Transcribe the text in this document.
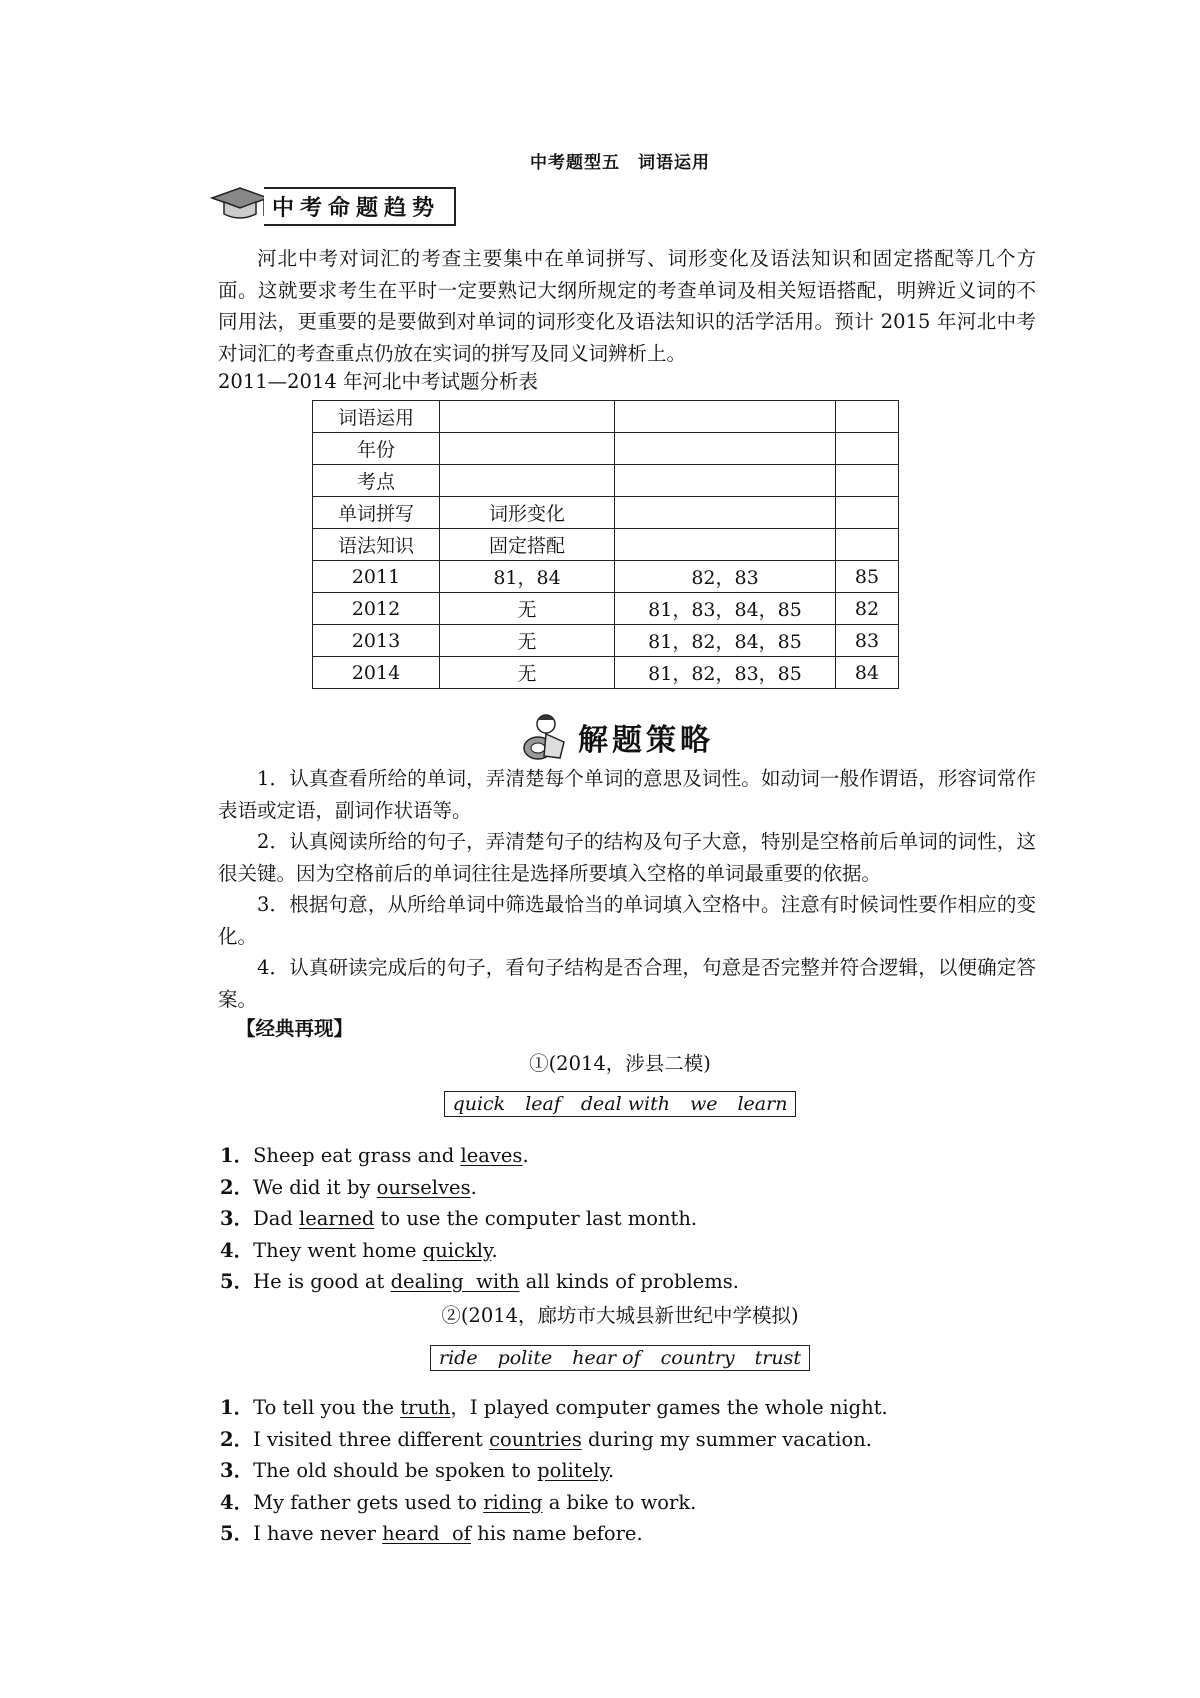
中考题型五　词语运用
中考命题趋势
河北中考对词汇的考查主要集中在单词拼写、词形变化及语法知识和固定搭配等几个方面。这就要求考生在平时一定要熟记大纲所规定的考查单词及相关短语搭配，明辨近义词的不同用法，更重要的是要做到对单词的词形变化及语法知识的活学活用。预计 2015 年河北中考对词汇的考查重点仍放在实词的拼写及同义词辨析上。
2011—2014 年河北中考试题分析表
词语运用			
年份			
考点			
单词拼写	词形变化		
语法知识	固定搭配		
2011	81，84	82，83	85
2012	无	81，83，84，85	82
2013	无	81，82，84，85	83
2014	无	81，82，83，85	84
解题策略
1．认真查看所给的单词，弄清楚每个单词的意思及词性。如动词一般作谓语，形容词常作表语或定语，副词作状语等。
2．认真阅读所给的句子，弄清楚句子的结构及句子大意，特别是空格前后单词的词性，这很关键。因为空格前后的单词往往是选择所要填入空格的单词最重要的依据。
3．根据句意，从所给单词中筛选最恰当的单词填入空格中。注意有时候词性要作相应的变化。
4．认真研读完成后的句子，看句子结构是否合理，句意是否完整并符合逻辑，以便确定答案。
【经典再现】
①(2014，涉县二模)
quick leaf deal with we learn
1．Sheep eat grass and leaves.
2．We did it by ourselves.
3．Dad learned to use the computer last month.
4．They went home quickly.
5．He is good at dealing  with all kinds of problems.
②(2014，廊坊市大城县新世纪中学模拟)
ride polite hear of country trust
1．To tell you the truth，I played computer games the whole night.
2．I visited three different countries during my summer vacation.
3．The old should be spoken to politely.
4．My father gets used to riding a bike to work.
5．I have never heard  of his name before.
